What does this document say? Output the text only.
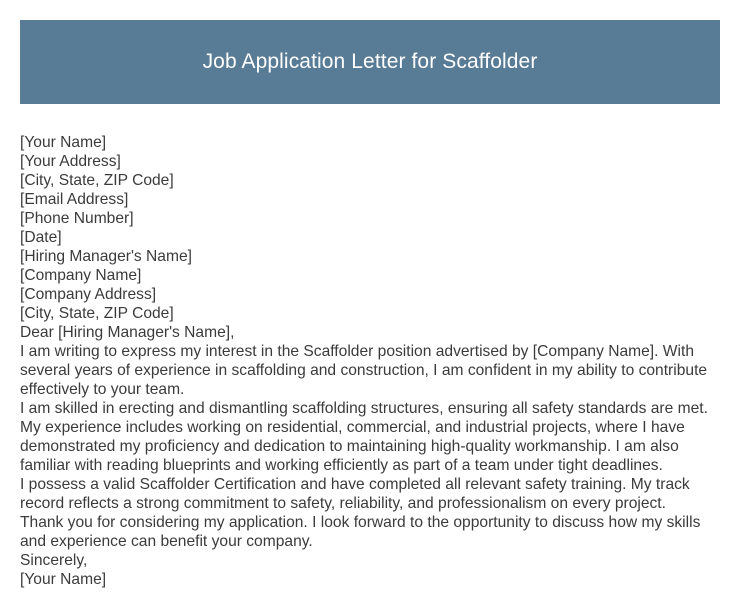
Job Application Letter for Scaffolder
[Your Name]
[Your Address]
[City, State, ZIP Code]
[Email Address]
[Phone Number]
[Date]
[Hiring Manager's Name]
[Company Name]
[Company Address]
[City, State, ZIP Code]
Dear [Hiring Manager's Name],
I am writing to express my interest in the Scaffolder position advertised by [Company Name]. With several years of experience in scaffolding and construction, I am confident in my ability to contribute effectively to your team.
I am skilled in erecting and dismantling scaffolding structures, ensuring all safety standards are met. My experience includes working on residential, commercial, and industrial projects, where I have demonstrated my proficiency and dedication to maintaining high-quality workmanship. I am also familiar with reading blueprints and working efficiently as part of a team under tight deadlines.
I possess a valid Scaffolder Certification and have completed all relevant safety training. My track record reflects a strong commitment to safety, reliability, and professionalism on every project.
Thank you for considering my application. I look forward to the opportunity to discuss how my skills and experience can benefit your company.
Sincerely,
[Your Name]
